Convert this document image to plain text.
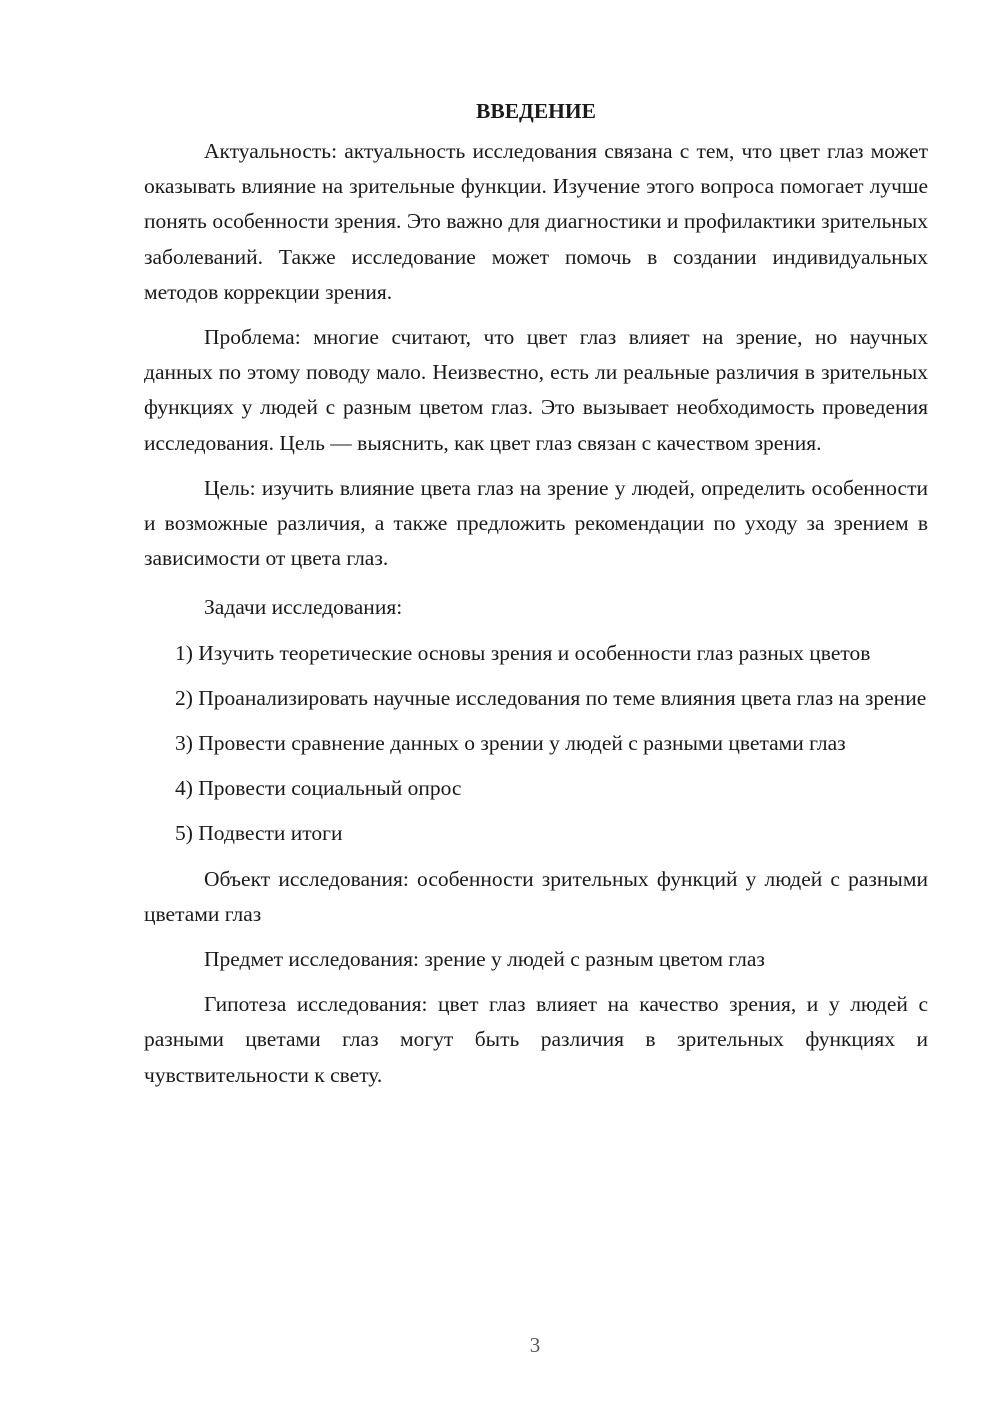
ВВЕДЕНИЕ

Актуальность: актуальность исследования связана с тем, что цвет глаз может оказывать влияние на зрительные функции. Изучение этого вопроса помогает лучше понять особенности зрения. Это важно для диагностики и профилактики зрительных заболеваний. Также исследование может помочь в создании индивидуальных методов коррекции зрения.

Проблема: многие считают, что цвет глаз влияет на зрение, но научных данных по этому поводу мало. Неизвестно, есть ли реальные различия в зрительных функциях у людей с разным цветом глаз. Это вызывает необходимость проведения исследования. Цель — выяснить, как цвет глаз связан с качеством зрения.

Цель: изучить влияние цвета глаз на зрение у людей, определить особенности и возможные различия, а также предложить рекомендации по уходу за зрением в зависимости от цвета глаз.

Задачи исследования:

1) Изучить теоретические основы зрения и особенности глаз разных цветов

2) Проанализировать научные исследования по теме влияния цвета глаз на зрение

3) Провести сравнение данных о зрении у людей с разными цветами глаз

4) Провести социальный опрос

5) Подвести итоги

Объект исследования: особенности зрительных функций у людей с разными цветами глаз

Предмет исследования: зрение у людей с разным цветом глаз

Гипотеза исследования: цвет глаз влияет на качество зрения, и у людей с разными цветами глаз могут быть различия в зрительных функциях и чувствительности к свету.

3
